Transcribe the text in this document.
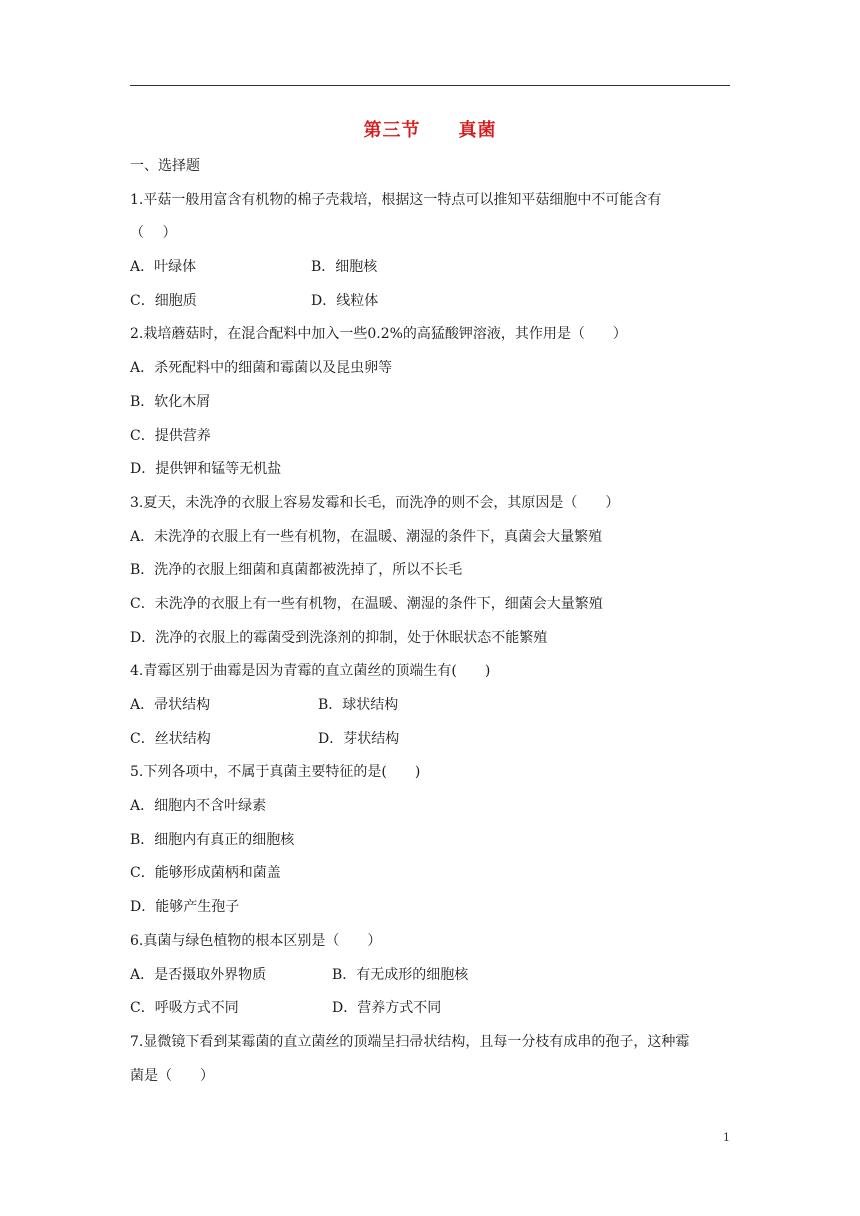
第三节　　真菌
一、选择题
1.平菇一般用富含有机物的棉子壳栽培，根据这一特点可以推知平菇细胞中不可能含有
（　 ）
A．叶绿体	B．细胞核
C．细胞质	D．线粒体
2.栽培蘑菇时，在混合配料中加入一些0.2%的高猛酸钾溶液，其作用是（　　）
A．杀死配料中的细菌和霉菌以及昆虫卵等
B．软化木屑
C．提供营养
D．提供钾和锰等无机盐
3.夏天，未洗净的衣服上容易发霉和长毛，而洗净的则不会，其原因是（　　）
A．未洗净的衣服上有一些有机物，在温暖、潮湿的条件下，真菌会大量繁殖
B．洗净的衣服上细菌和真菌都被洗掉了，所以不长毛
C．未洗净的衣服上有一些有机物，在温暖、潮湿的条件下，细菌会大量繁殖
D．洗净的衣服上的霉菌受到洗涤剂的抑制，处于休眠状态不能繁殖
4.青霉区别于曲霉是因为青霉的直立菌丝的顶端生有(　　)
A．帚状结构	B．球状结构
C．丝状结构	D．芽状结构
5.下列各项中，不属于真菌主要特征的是(　　)
A．细胞内不含叶绿素
B．细胞内有真正的细胞核
C．能够形成菌柄和菌盖
D．能够产生孢子
6.真菌与绿色植物的根本区别是（　　）
A．是否摄取外界物质	B．有无成形的细胞核
C．呼吸方式不同	D．营养方式不同
7.显微镜下看到某霉菌的直立菌丝的顶端呈扫帚状结构，且每一分枝有成串的孢子，这种霉
菌是（　　）
1
